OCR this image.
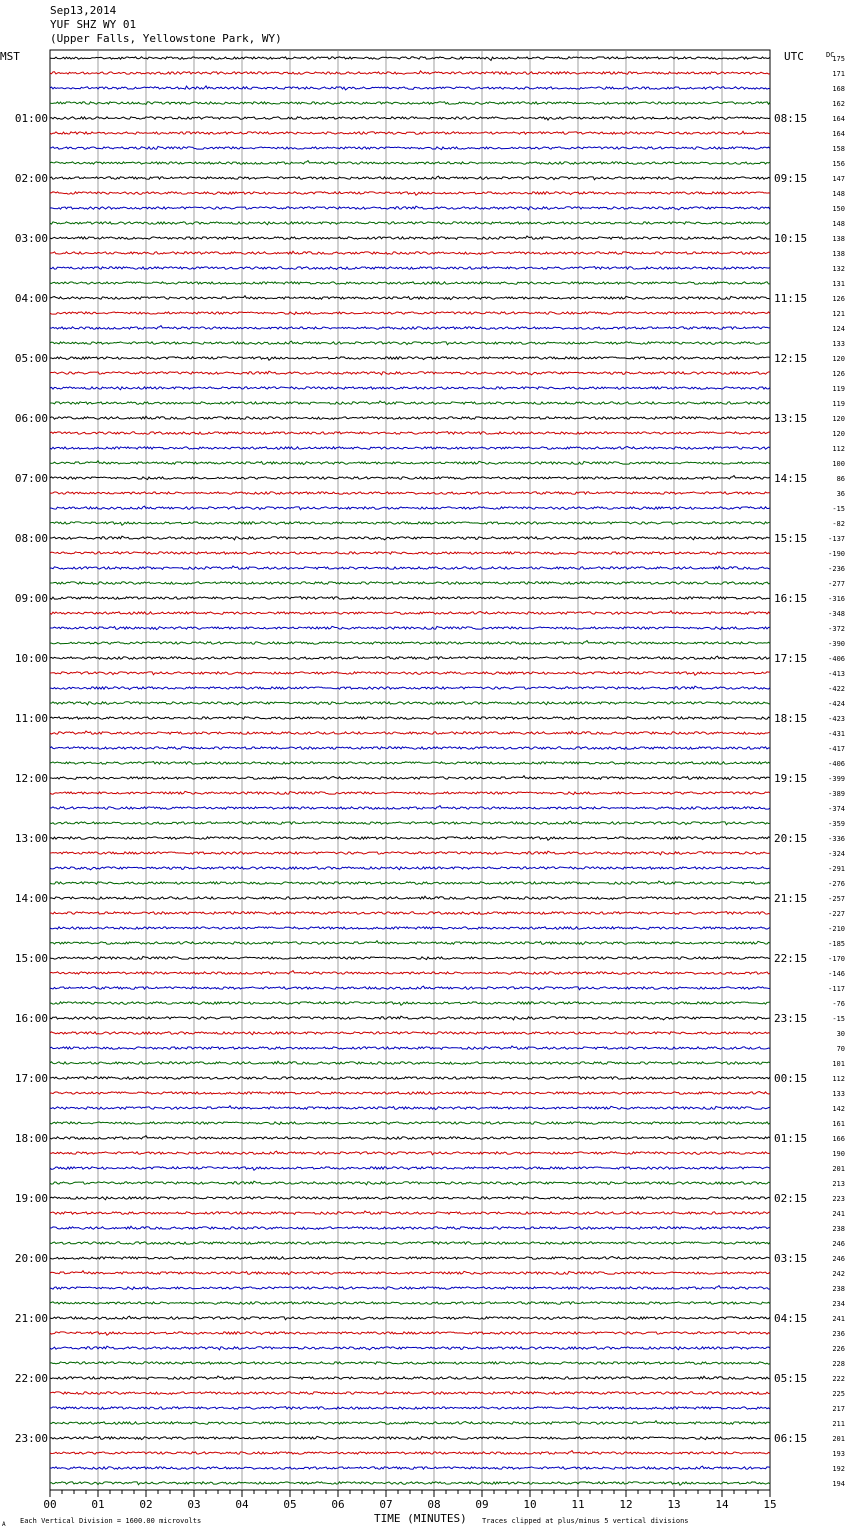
Sep13,2014
YUF SHZ WY 01
(Upper Falls, Yellowstone Park, WY)
00	01	02	03	04	05	06	07	08	09	10	11	12	13	14	15
175
171
168
162
164
164
158
156
147
148
150
148
138
138
132
131
126
121
124
133
120
126
119
119
120
120
112
100
86
36
-15
-82
-137
-190
-236
-277
-316
-348
-372
-390
-406
-413
-422
-424
-423
-431
-417
-406
-399
-389
-374
-359
-336
-324
-291
-276
-257
-227
-210
-185
-170
-146
-117
-76
-15
30
70
101
112
133
142
161
166
190
201
213
223
241
238
246
246
242
238
234
241
236
226
228
222
225
217
211
201
193
192
194
01:00
02:00
03:00
04:00
05:00
06:00
07:00
08:00
09:00
10:00
11:00
12:00
13:00
14:00
15:00
16:00
17:00
18:00
19:00
20:00
21:00
22:00
23:00
08:15
09:15
10:15
11:15
12:15
13:15
14:15
15:15
16:15
17:15
18:15
19:15
20:15
21:15
22:15
23:15
00:15
01:15
02:15
03:15
04:15
05:15
06:15
MST	UTC	DC
TIME (MINUTES)
Each Vertical Division = 1600.00 microvolts	Traces clipped at plus/minus 5 vertical divisions
A
